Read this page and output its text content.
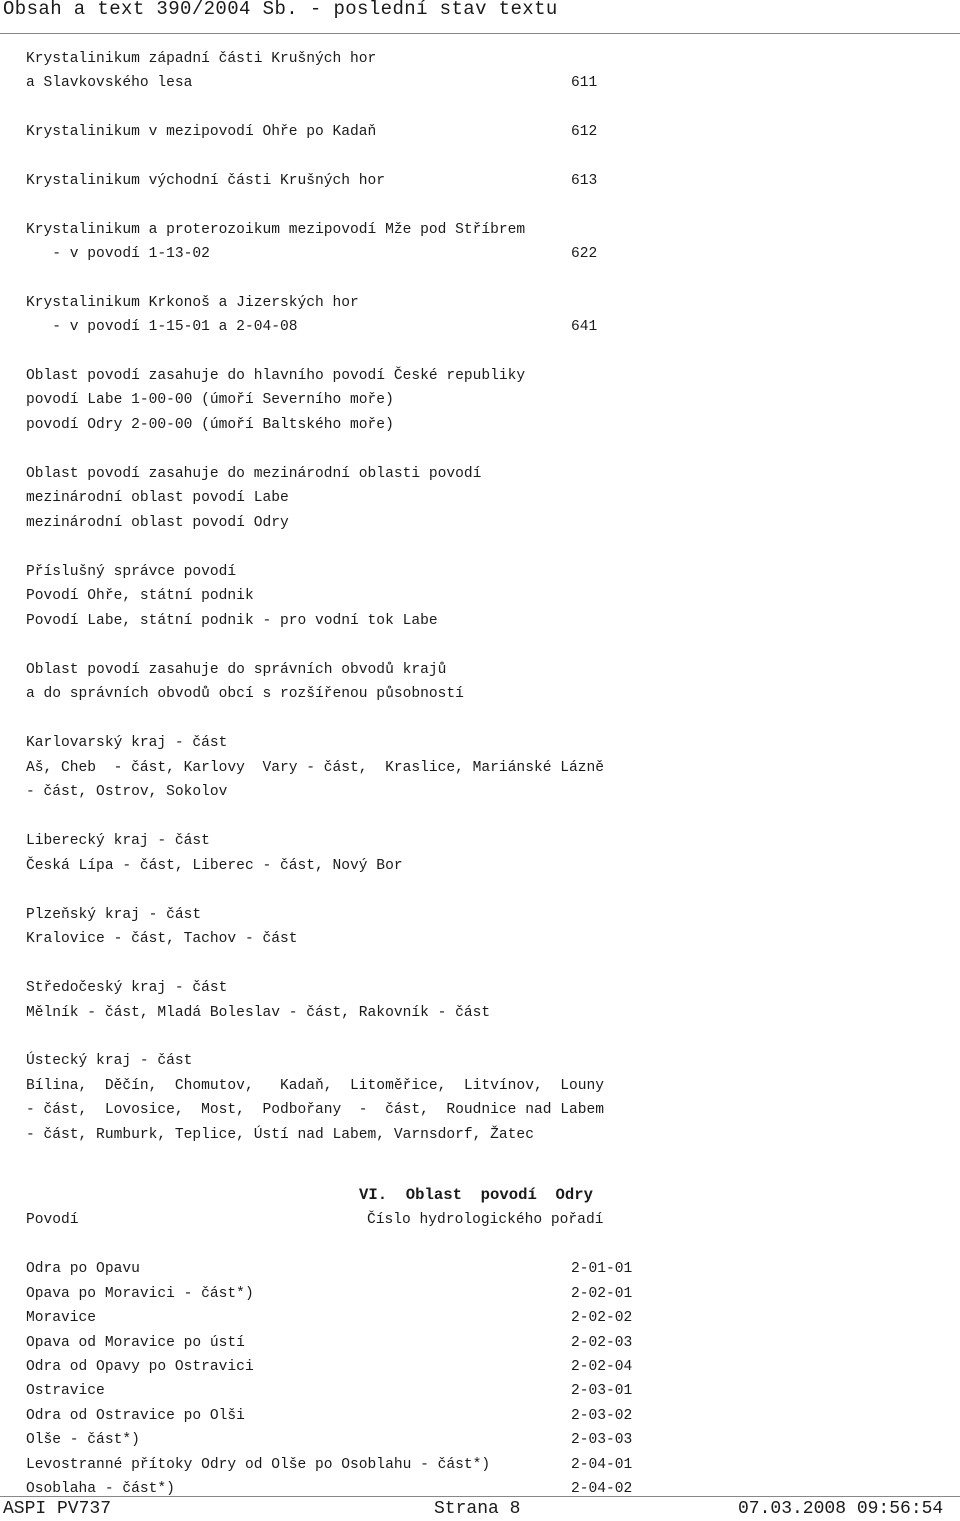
Obsah a text 390/2004 Sb. - poslední stav textu
Krystalinikum západní části Krušných hor
a Slavkovského lesa	611
Krystalinikum v mezipovodí Ohře po Kadaň	612
Krystalinikum východní části Krušných hor	613
Krystalinikum a proterozoikum mezipovodí Mže pod Stříbrem
- v povodí 1-13-02	622
Krystalinikum Krkonoš a Jizerských hor
- v povodí 1-15-01 a 2-04-08	641
Oblast povodí zasahuje do hlavního povodí České republiky
povodí Labe 1-00-00 (úmoří Severního moře)
povodí Odry 2-00-00 (úmoří Baltského moře)
Oblast povodí zasahuje do mezinárodní oblasti povodí
mezinárodní oblast povodí Labe
mezinárodní oblast povodí Odry
Příslušný správce povodí
Povodí Ohře, státní podnik
Povodí Labe, státní podnik - pro vodní tok Labe
Oblast povodí zasahuje do správních obvodů krajů
a do správních obvodů obcí s rozšířenou působností
Karlovarský kraj - část
Aš, Cheb  - část, Karlovy  Vary - část,  Kraslice, Mariánské Lázně
- část, Ostrov, Sokolov
Liberecký kraj - část
Česká Lípa - část, Liberec - část, Nový Bor
Plzeňský kraj - část
Kralovice - část, Tachov - část
Středočeský kraj - část
Mělník - část, Mladá Boleslav - část, Rakovník - část
Ústecký kraj - část
Bílina,  Děčín,  Chomutov,   Kadaň,  Litoměřice,  Litvínov,  Louny
- část,  Lovosice,  Most,  Podbořany  -  část,  Roudnice nad Labem
- část, Rumburk, Teplice, Ústí nad Labem, Varnsdorf, Žatec
VI.  Oblast  povodí  Odry
Povodí	Číslo hydrologického pořadí
Odra po Opavu	2-01-01
Opava po Moravici - část*)	2-02-01
Moravice	2-02-02
Opava od Moravice po ústí	2-02-03
Odra od Opavy po Ostravici	2-02-04
Ostravice	2-03-01
Odra od Ostravice po Olši	2-03-02
Olše - část*)	2-03-03
Levostranné přítoky Odry od Olše po Osoblahu - část*)	2-04-01
Osoblaha - část*)	2-04-02
ASPI PV737	Strana 8	07.03.2008 09:56:54
